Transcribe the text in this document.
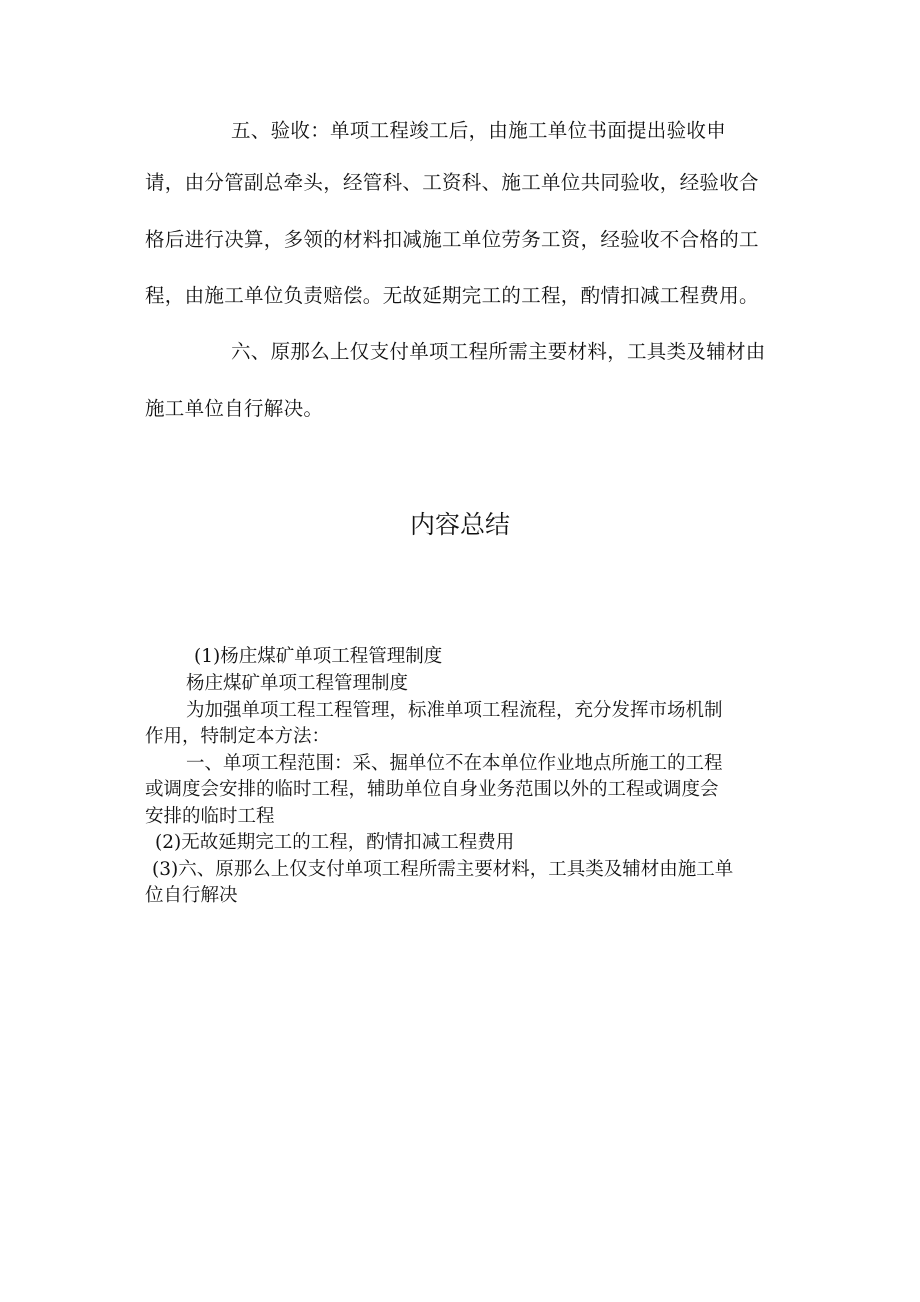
五、验收：单项工程竣工后，由施工单位书面提出验收申

请，由分管副总牵头，经管科、工资科、施工单位共同验收，经验收合

格后进行决算，多领的材料扣减施工单位劳务工资，经验收不合格的工

程，由施工单位负责赔偿。无故延期完工的工程，酌情扣减工程费用。

六、原那么上仅支付单项工程所需主要材料，工具类及辅材由

施工单位自行解决。

内容总结

(1)杨庄煤矿单项工程管理制度

杨庄煤矿单项工程管理制度

为加强单项工程工程管理，标准单项工程流程，充分发挥市场机制

作用，特制定本方法：

一、单项工程范围：采、掘单位不在本单位作业地点所施工的工程

或调度会安排的临时工程，辅助单位自身业务范围以外的工程或调度会

安排的临时工程

(2)无故延期完工的工程，酌情扣减工程费用

(3)六、原那么上仅支付单项工程所需主要材料，工具类及辅材由施工单

位自行解决
